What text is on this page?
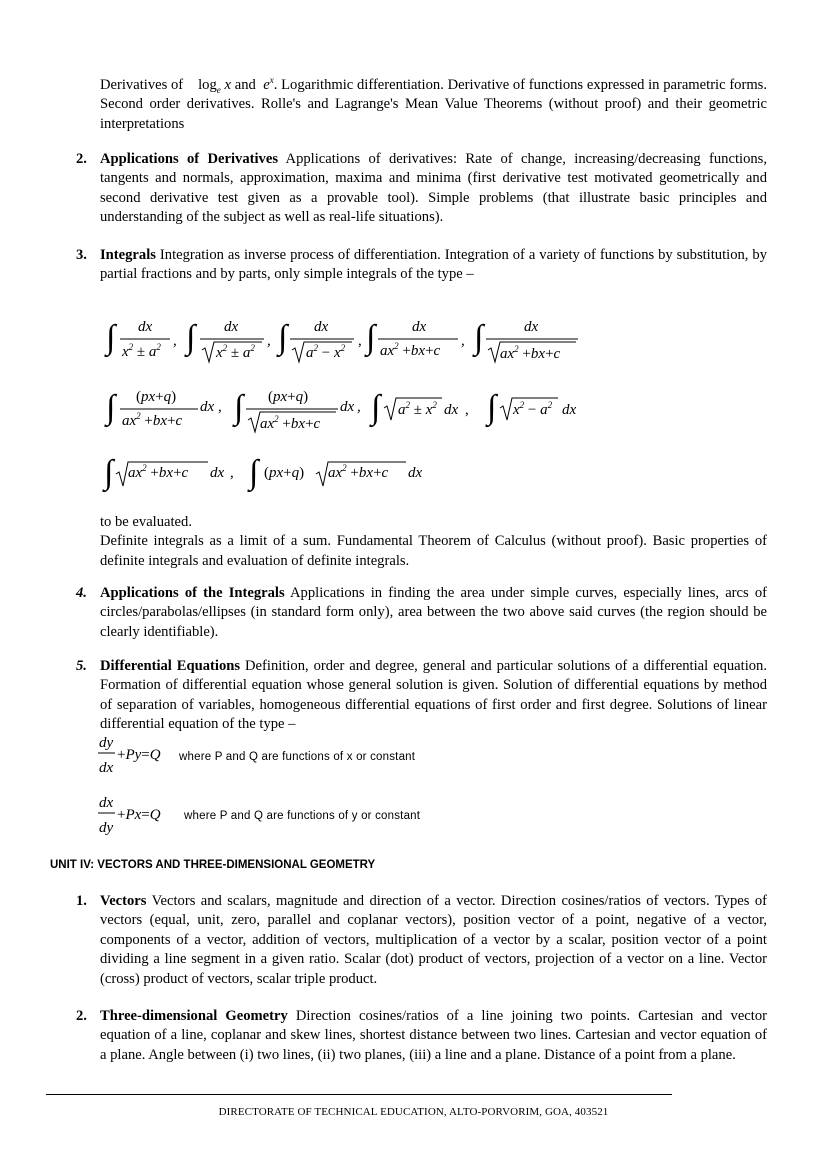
Derivatives of $\log_e x$ and $e^x$. Logarithmic differentiation. Derivative of functions expressed in parametric forms. Second order derivatives. Rolle's and Lagrange's Mean Value Theorems (without proof) and their geometric interpretations
2. Applications of Derivatives Applications of derivatives: Rate of change, increasing/decreasing functions, tangents and normals, approximation, maxima and minima (first derivative test motivated geometrically and second derivative test given as a provable tool). Simple problems (that illustrate basic principles and understanding of the subject as well as real-life situations).
3. Integrals Integration as inverse process of differentiation. Integration of a variety of functions by substitution, by partial fractions and by parts, only simple integrals of the type –
∫ dx
$x^2 \pm a^2$ , ∫ dx
$x^2 \pm a^2$ , ∫ dx
$a^2 - x^2$ , ∫ dx
$ax^2 +bx+c$
, ∫	dx
$ax^2 +bx+c$
∫ (px+q)
$ax^2 +bx+c$
dx , ∫ (px+q)
$ax^2 +bx+c$
dx , ∫ $a^2 \pm x^2$ dx , ∫ $x^2 - a^2$ dx
∫ $ax^2 +bx+c$ dx , ∫ (px+q) $ax^2 +bx+c$ dx
to be evaluated.
Definite integrals as a limit of a sum. Fundamental Theorem of Calculus (without proof). Basic properties of definite integrals and evaluation of definite integrals.
4. Applications of the Integrals Applications in finding the area under simple curves, especially lines, arcs of circles/parabolas/ellipses (in standard form only), area between the two above said curves (the region should be clearly identifiable).
5. Differential Equations Definition, order and degree, general and particular solutions of a differential equation. Formation of differential equation whose general solution is given. Solution of differential equations by method of separation of variables, homogeneous differential equations of first order and first degree. Solutions of linear differential equation of the type –
dy
dx
+Py=Q where P and Q are functions of x or constant
dx
dy
+Px=Q where P and Q are functions of y or constant
UNIT IV: VECTORS AND THREE-DIMENSIONAL GEOMETRY
1. Vectors Vectors and scalars, magnitude and direction of a vector. Direction cosines/ratios of vectors. Types of vectors (equal, unit, zero, parallel and coplanar vectors), position vector of a point, negative of a vector, components of a vector, addition of vectors, multiplication of a vector by a scalar, position vector of a point dividing a line segment in a given ratio. Scalar (dot) product of vectors, projection of a vector on a line. Vector (cross) product of vectors, scalar triple product.
2. Three-dimensional Geometry Direction cosines/ratios of a line joining two points. Cartesian and vector equation of a line, coplanar and skew lines, shortest distance between two lines. Cartesian and vector equation of a plane. Angle between (i) two lines, (ii) two planes, (iii) a line and a plane. Distance of a point from a plane.
DIRECTORATE OF TECHNICAL EDUCATION, ALTO-PORVORIM, GOA, 403521
